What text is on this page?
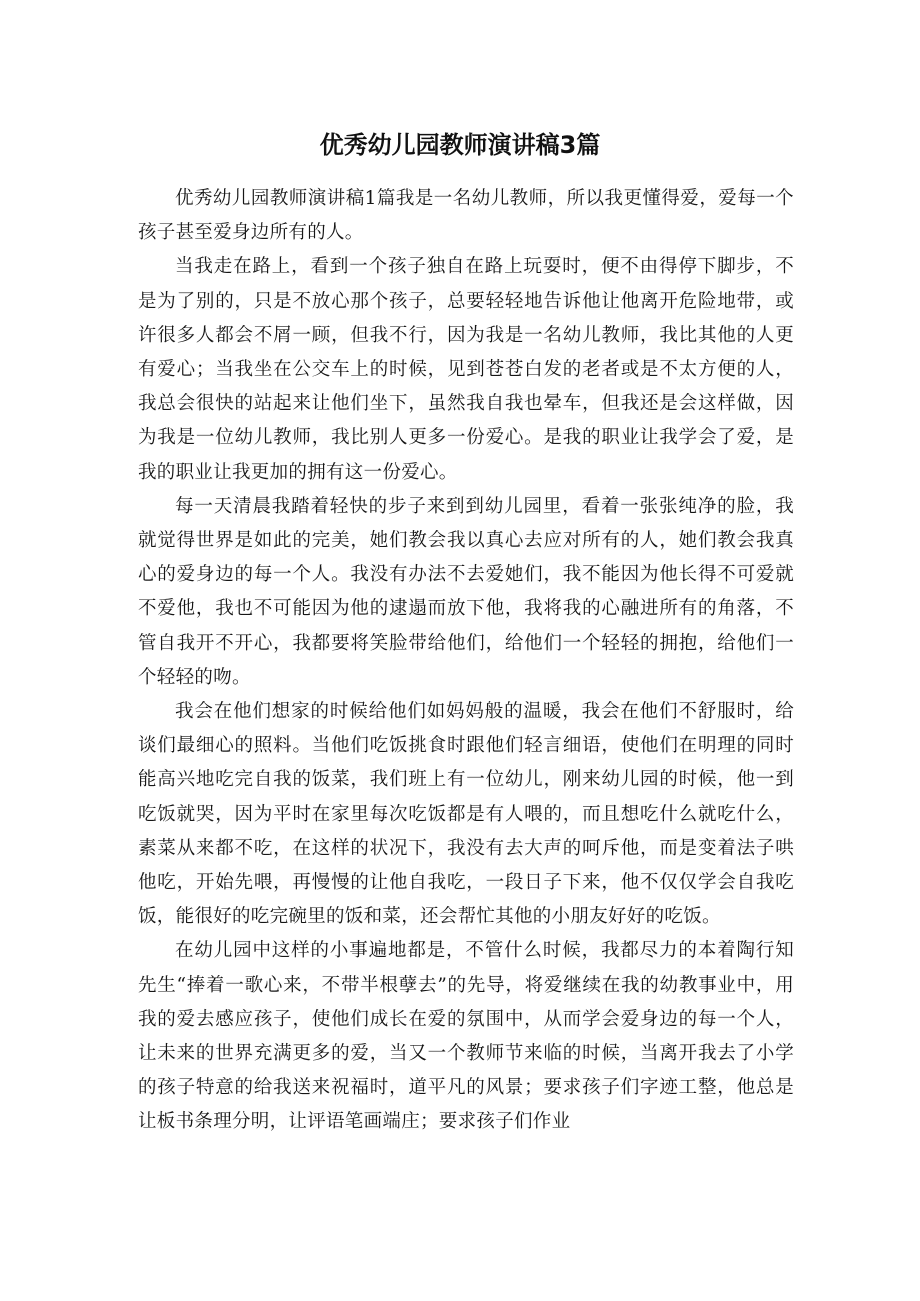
优秀幼儿园教师演讲稿3篇

优秀幼儿园教师演讲稿1篇我是一名幼儿教师，所以我更懂得爱，爱每一个孩子甚至爱身边所有的人。

当我走在路上，看到一个孩子独自在路上玩耍时，便不由得停下脚步，不是为了别的，只是不放心那个孩子，总要轻轻地告诉他让他离开危险地带，或许很多人都会不屑一顾，但我不行，因为我是一名幼儿教师，我比其他的人更有爱心；当我坐在公交车上的时候，见到苍苍白发的老者或是不太方便的人，我总会很快的站起来让他们坐下，虽然我自我也晕车，但我还是会这样做，因为我是一位幼儿教师，我比别人更多一份爱心。是我的职业让我学会了爱，是我的职业让我更加的拥有这一份爱心。

每一天清晨我踏着轻快的步子来到到幼儿园里，看着一张张纯净的脸，我就觉得世界是如此的完美，她们教会我以真心去应对所有的人，她们教会我真心的爱身边的每一个人。我没有办法不去爱她们，我不能因为他长得不可爱就不爱他，我也不可能因为他的逮遢而放下他，我将我的心融进所有的角落，不管自我开不开心，我都要将笑脸带给他们，给他们一个轻轻的拥抱，给他们一个轻轻的吻。

我会在他们想家的时候给他们如妈妈般的温暖，我会在他们不舒服时，给谈们最细心的照料。当他们吃饭挑食时跟他们轻言细语，使他们在明理的同时能高兴地吃完自我的饭菜，我们班上有一位幼儿，刚来幼儿园的时候，他一到吃饭就哭，因为平时在家里每次吃饭都是有人喂的，而且想吃什么就吃什么，素菜从来都不吃，在这样的状况下，我没有去大声的呵斥他，而是变着法子哄他吃，开始先喂，再慢慢的让他自我吃，一段日子下来，他不仅仅学会自我吃饭，能很好的吃完碗里的饭和菜，还会帮忙其他的小朋友好好的吃饭。

在幼儿园中这样的小事遍地都是，不管什么时候，我都尽力的本着陶行知先生“捧着一歌心来，不带半根孽去”的先导，将爱继续在我的幼教事业中，用我的爱去感应孩子，使他们成长在爱的氛围中，从而学会爱身边的每一个人，让未来的世界充满更多的爱，当又一个教师节来临的时候，当离开我去了小学的孩子特意的给我送来祝福时，道平凡的风景；要求孩子们字迹工整，他总是让板书条理分明，让评语笔画端庄；要求孩子们作业
